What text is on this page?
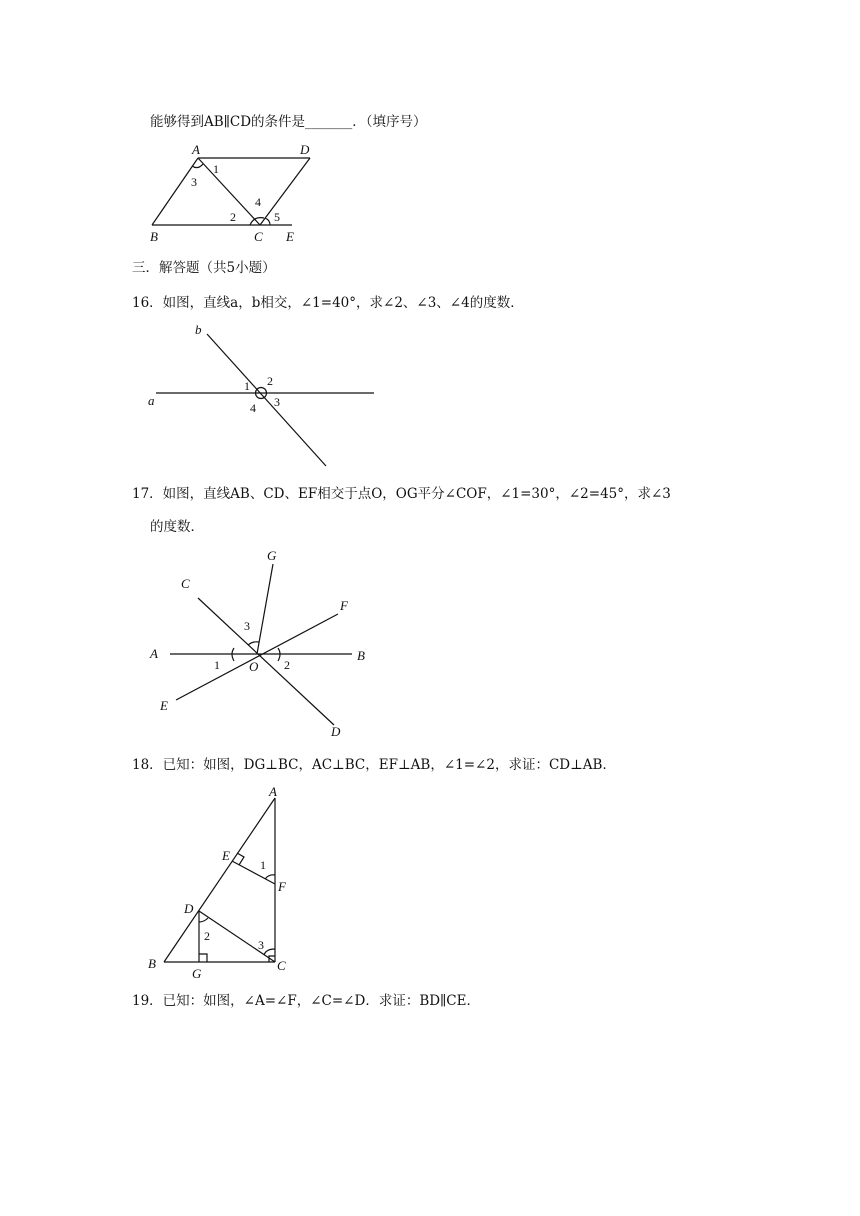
能够得到AB∥CD的条件是_______．（填序号）
A	D
B	C E
1
2
3
4
5
三．解答题（共5小题）
16．如图，直线a，b相交，∠1=40°，求∠2、∠3、∠4的度数．
a
b
1 2
3
4
17．如图，直线AB、CD、EF相交于点O，OG平分∠COF，∠1=30°，∠2=45°，求∠3
的度数．
A	B
C
D
E
F
G
O
1	2
3
18．已知：如图，DG⊥BC，AC⊥BC，EF⊥AB，∠1=∠2，求证：CD⊥AB．
A
B	C
D
E
F
G
1
2
3
19．已知：如图，∠A=∠F，∠C=∠D．求证：BD∥CE．
